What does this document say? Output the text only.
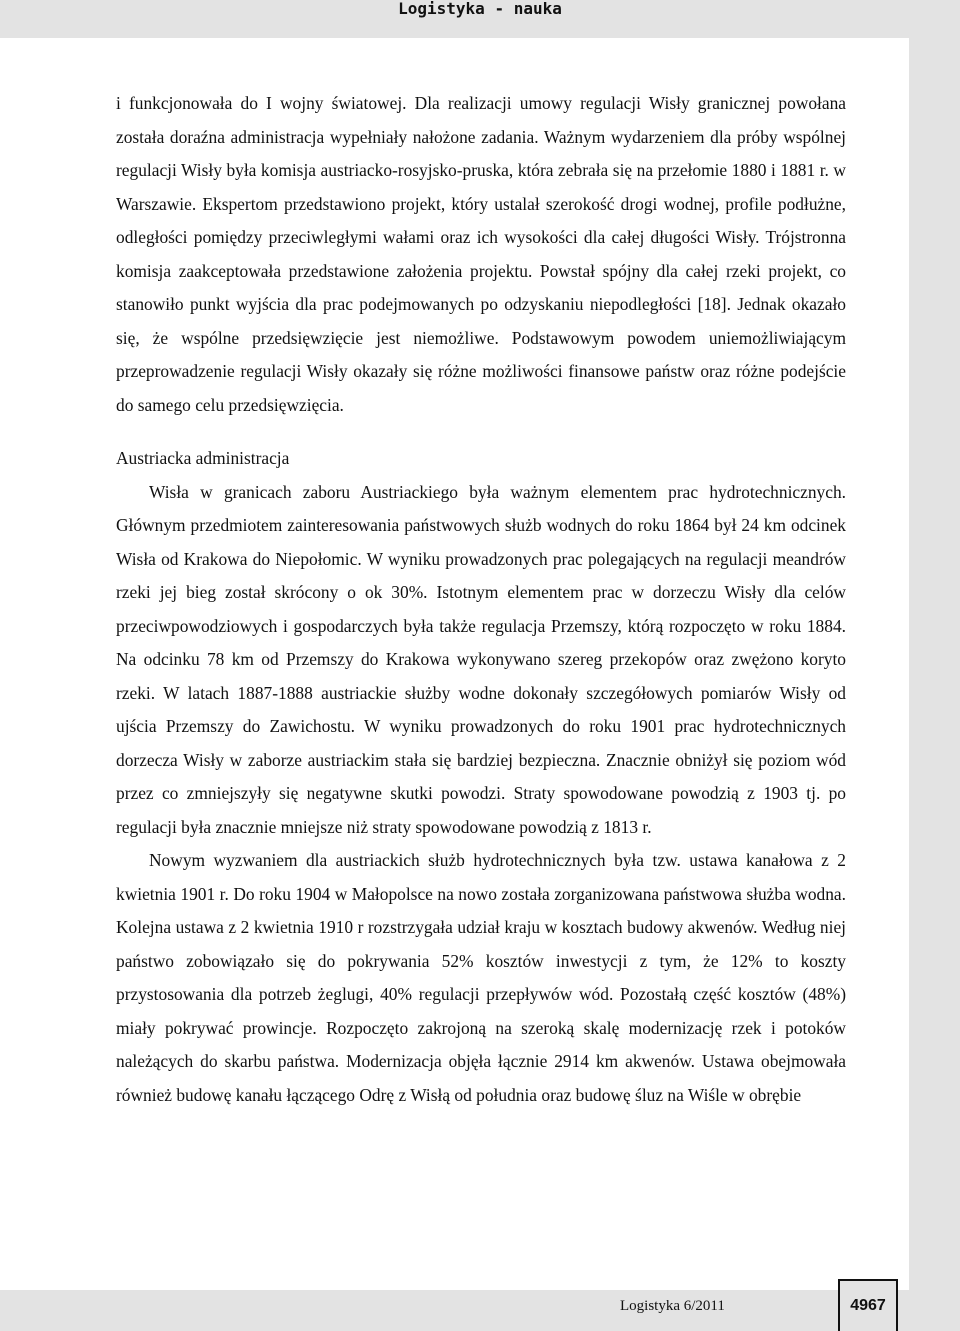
Logistyka - nauka

i funkcjonowała do I wojny światowej. Dla realizacji umowy regulacji Wisły granicznej powołana została doraźna administracja wypełniały nałożone zadania. Ważnym wydarzeniem dla próby wspólnej regulacji Wisły była komisja austriacko-rosyjsko-pruska, która zebrała się na przełomie 1880 i 1881 r. w Warszawie. Ekspertom przedstawiono projekt, który ustalał szerokość drogi wodnej, profile podłużne, odległości pomiędzy przeciwległymi wałami oraz ich wysokości dla całej długości Wisły. Trójstronna komisja zaakceptowała przedstawione założenia projektu. Powstał spójny dla całej rzeki projekt, co stanowiło punkt wyjścia dla prac podejmowanych po odzyskaniu niepodległości [18]. Jednak okazało się, że wspólne przedsięwzięcie jest niemożliwe. Podstawowym powodem uniemożliwiającym przeprowadzenie regulacji Wisły okazały się różne możliwości finansowe państw oraz różne podejście do samego celu przedsięwzięcia.

Austriacka administracja

Wisła w granicach zaboru Austriackiego była ważnym elementem prac hydrotechnicznych. Głównym przedmiotem zainteresowania państwowych służb wodnych do roku 1864 był 24 km odcinek Wisła od Krakowa do Niepołomic. W wyniku prowadzonych prac polegających na regulacji meandrów rzeki jej bieg został skrócony o ok 30%. Istotnym elementem prac w dorzeczu Wisły dla celów przeciwpowodziowych i gospodarczych była także regulacja Przemszy, którą rozpoczęto w roku 1884. Na odcinku 78 km od Przemszy do Krakowa wykonywano szereg przekopów oraz zwężono koryto rzeki. W latach 1887-1888 austriackie służby wodne dokonały szczegółowych pomiarów Wisły od ujścia Przemszy do Zawichostu. W wyniku prowadzonych do roku 1901 prac hydrotechnicznych dorzecza Wisły w zaborze austriackim stała się bardziej bezpieczna. Znacznie obniżył się poziom wód przez co zmniejszyły się negatywne skutki powodzi. Straty spowodowane powodzią z 1903 tj. po regulacji była znacznie mniejsze niż straty spowodowane powodzią z 1813 r.

Nowym wyzwaniem dla austriackich służb hydrotechnicznych była tzw. ustawa kanałowa z 2 kwietnia 1901 r. Do roku 1904 w Małopolsce na nowo została zorganizowana państwowa służba wodna. Kolejna ustawa z 2 kwietnia 1910 r rozstrzygała udział kraju w kosztach budowy akwenów. Według niej państwo zobowiązało się do pokrywania 52% kosztów inwestycji z tym, że 12% to koszty przystosowania dla potrzeb żeglugi, 40% regulacji przepływów wód. Pozostałą część kosztów (48%) miały pokrywać prowincje. Rozpoczęto zakrojoną na szeroką skalę modernizację rzek i potoków należących do skarbu państwa. Modernizacja objęła łącznie 2914 km akwenów. Ustawa obejmowała również budowę kanału łączącego Odrę z Wisłą od południa oraz budowę śluz na Wiśle w obrębie

Logistyka 6/2011	4967
